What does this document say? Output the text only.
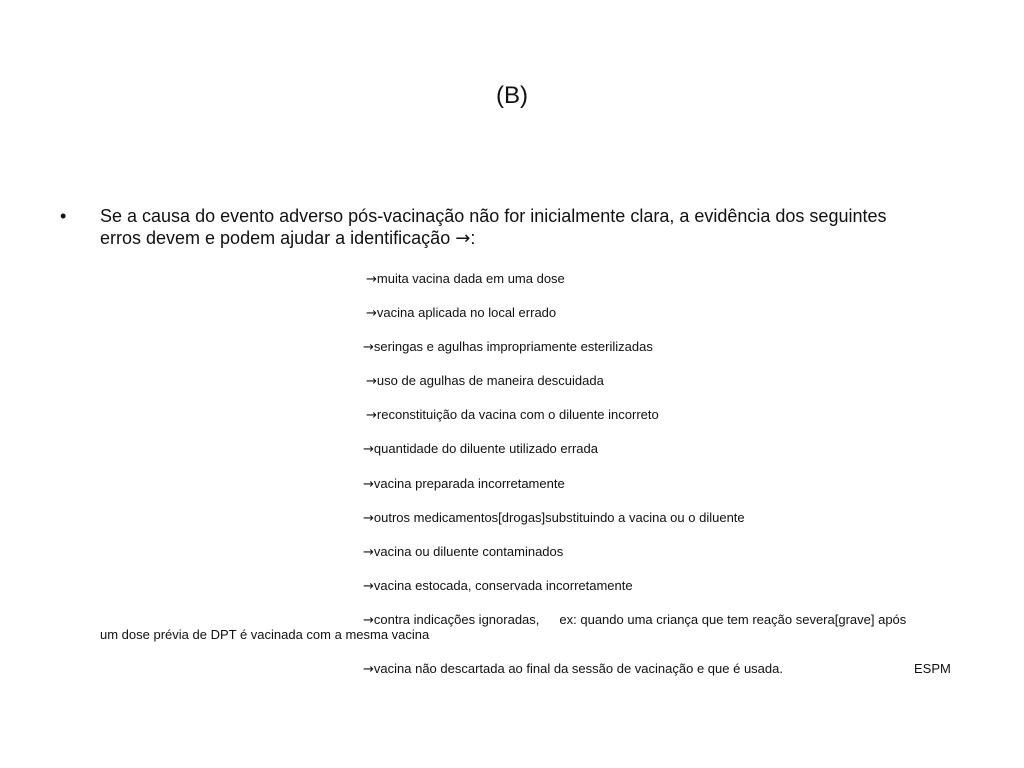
(B)
• Se a causa do evento adverso pós-vacinação não for inicialmente clara, a evidência dos seguintes erros devem e podem ajudar a identificação →:
→muita vacina dada em uma dose
→vacina aplicada no local errado
→seringas e agulhas impropriamente esterilizadas
→uso de agulhas de maneira descuidada
→reconstituição da vacina com o diluente incorreto
→quantidade do diluente utilizado errada
→vacina preparada incorretamente
→outros medicamentos[drogas]substituindo a vacina ou o diluente
→vacina ou diluente contaminados
→vacina estocada, conservada incorretamente
→contra indicações ignoradas, ex: quando uma criança que tem reação severa[grave] após
um dose prévia de DPT é vacinada com a mesma vacina
→vacina não descartada ao final da sessão de vacinação e que é usada.	ESPM
